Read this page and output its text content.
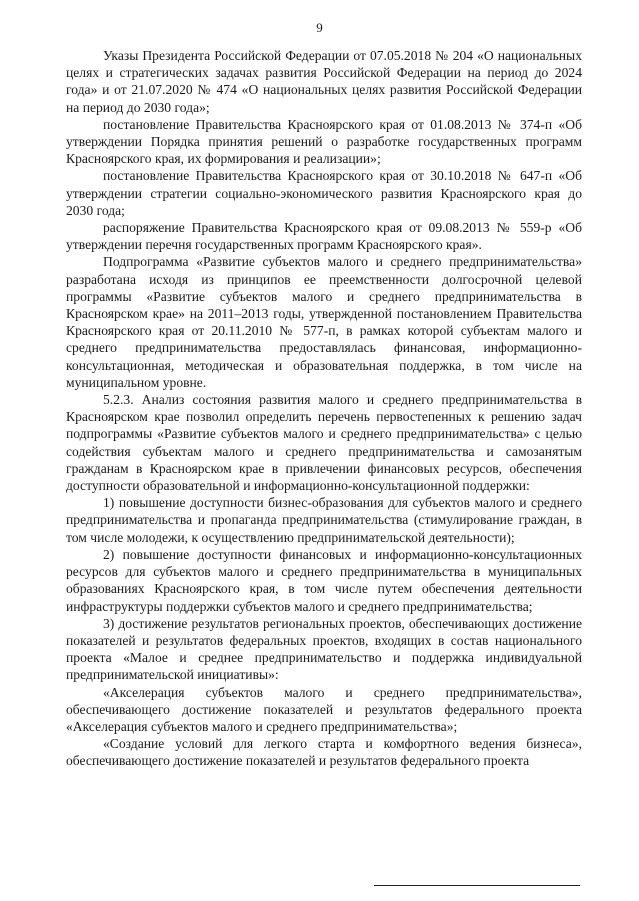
9

Указы Президента Российской Федерации от 07.05.2018 № 204 «О национальных целях и стратегических задачах развития Российской Федерации на период до 2024 года» и от 21.07.2020 № 474 «О национальных целях развития Российской Федерации на период до 2030 года»;

постановление Правительства Красноярского края от 01.08.2013 № 374-п «Об утверждении Порядка принятия решений о разработке государственных программ Красноярского края, их формирования и реализации»;

постановление Правительства Красноярского края от 30.10.2018 № 647-п «Об утверждении стратегии социально-экономического развития Красноярского края до 2030 года;

распоряжение Правительства Красноярского края от 09.08.2013 № 559-р «Об утверждении перечня государственных программ Красноярского края».

Подпрограмма «Развитие субъектов малого и среднего предпринимательства» разработана исходя из принципов ее преемственности долгосрочной целевой программы «Развитие субъектов малого и среднего предпринимательства в Красноярском крае» на 2011–2013 годы, утвержденной постановлением Правительства Красноярского края от 20.11.2010 № 577-п, в рамках которой субъектам малого и среднего предпринимательства предоставлялась финансовая, информационно-консультационная, методическая и образовательная поддержка, в том числе на муниципальном уровне.

5.2.3. Анализ состояния развития малого и среднего предпринимательства в Красноярском крае позволил определить перечень первостепенных к решению задач подпрограммы «Развитие субъектов малого и среднего предпринимательства» с целью содействия субъектам малого и среднего предпринимательства и самозанятым гражданам в Красноярском крае в привлечении финансовых ресурсов, обеспечения доступности образовательной и информационно-консультационной поддержки:

1) повышение доступности бизнес-образования для субъектов малого и среднего предпринимательства и пропаганда предпринимательства (стимулирование граждан, в том числе молодежи, к осуществлению предпринимательской деятельности);

2) повышение доступности финансовых и информационно-консультационных ресурсов для субъектов малого и среднего предпринимательства в муниципальных образованиях Красноярского края, в том числе путем обеспечения деятельности инфраструктуры поддержки субъектов малого и среднего предпринимательства;

3) достижение результатов региональных проектов, обеспечивающих достижение показателей и результатов федеральных проектов, входящих в состав национального проекта «Малое и среднее предпринимательство и поддержка индивидуальной предпринимательской инициативы»:

«Акселерация субъектов малого и среднего предпринимательства», обеспечивающего достижение показателей и результатов федерального проекта «Акселерация субъектов малого и среднего предпринимательства»;

«Создание условий для легкого старта и комфортного ведения бизнеса», обеспечивающего достижение показателей и результатов федерального проекта
